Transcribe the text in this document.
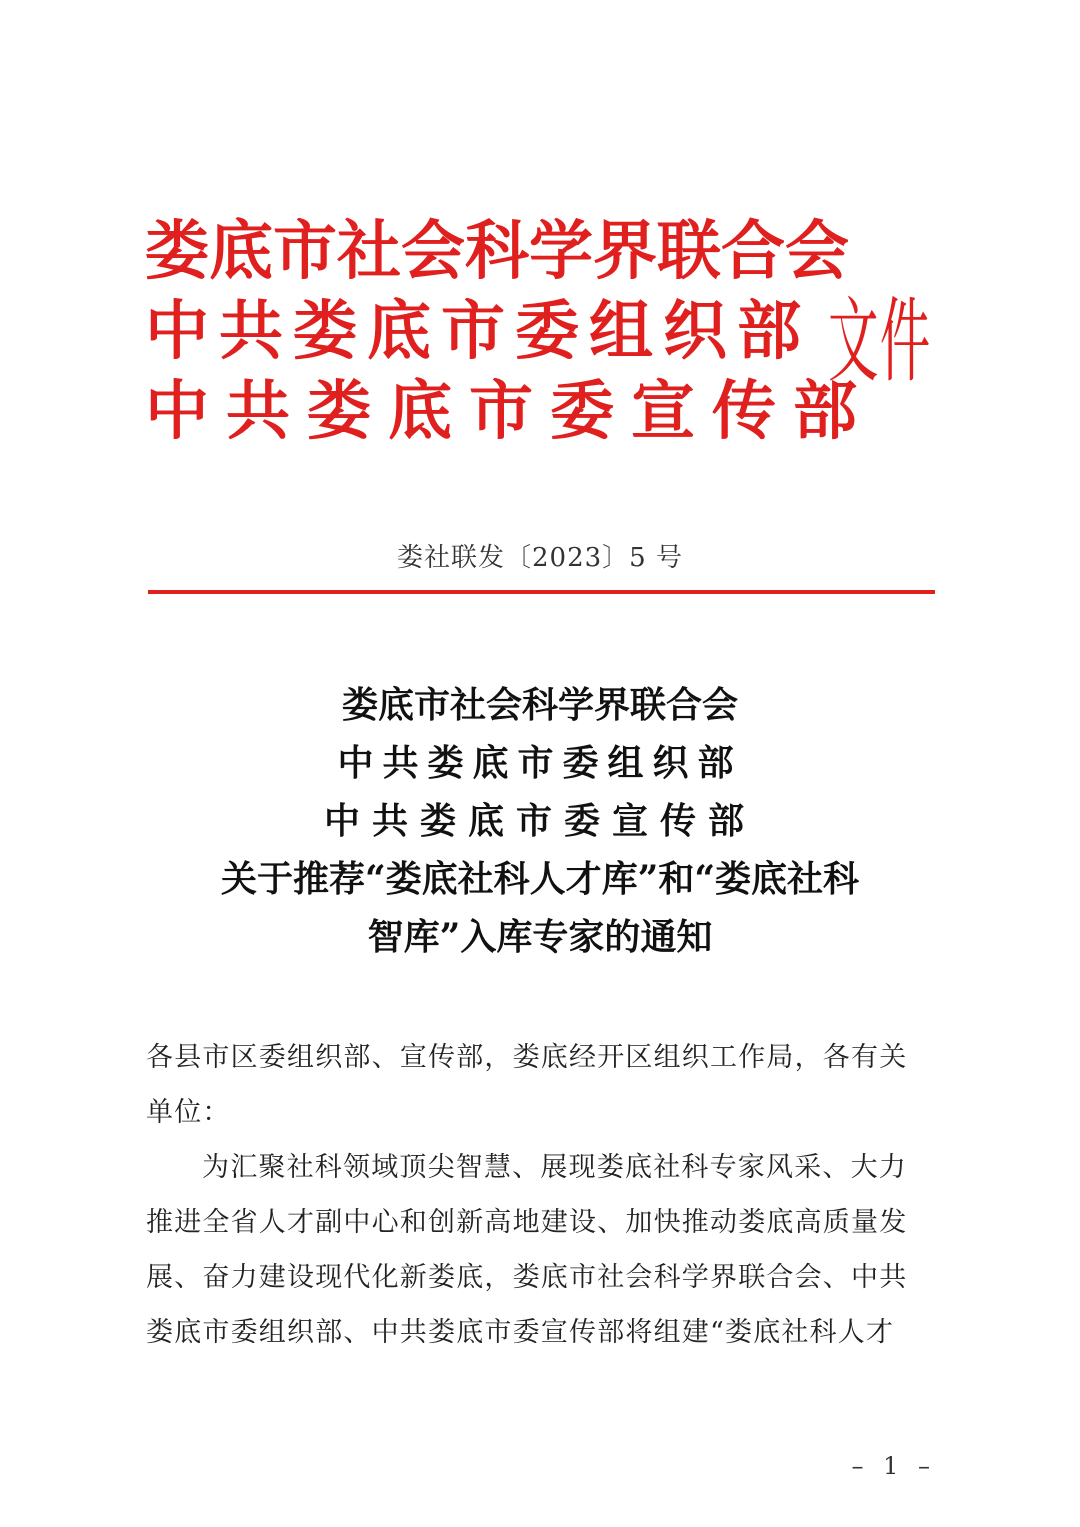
娄底市社会科学界联合会
中共娄底市委组织部
中共娄底市委宣传部
文件
娄社联发〔2023〕5 号
娄底市社会科学界联合会
中共娄底市委组织部
中共娄底市委宣传部
关于推荐“娄底社科人才库”和“娄底社科
智库”入库专家的通知
各县市区委组织部、宣传部，娄底经开区组织工作局，各有关
单位：
为汇聚社科领域顶尖智慧、展现娄底社科专家风采、大力
推进全省人才副中心和创新高地建设、加快推动娄底高质量发
展、奋力建设现代化新娄底，娄底市社会科学界联合会、中共
娄底市委组织部、中共娄底市委宣传部将组建“娄底社科人才
– 1 –
